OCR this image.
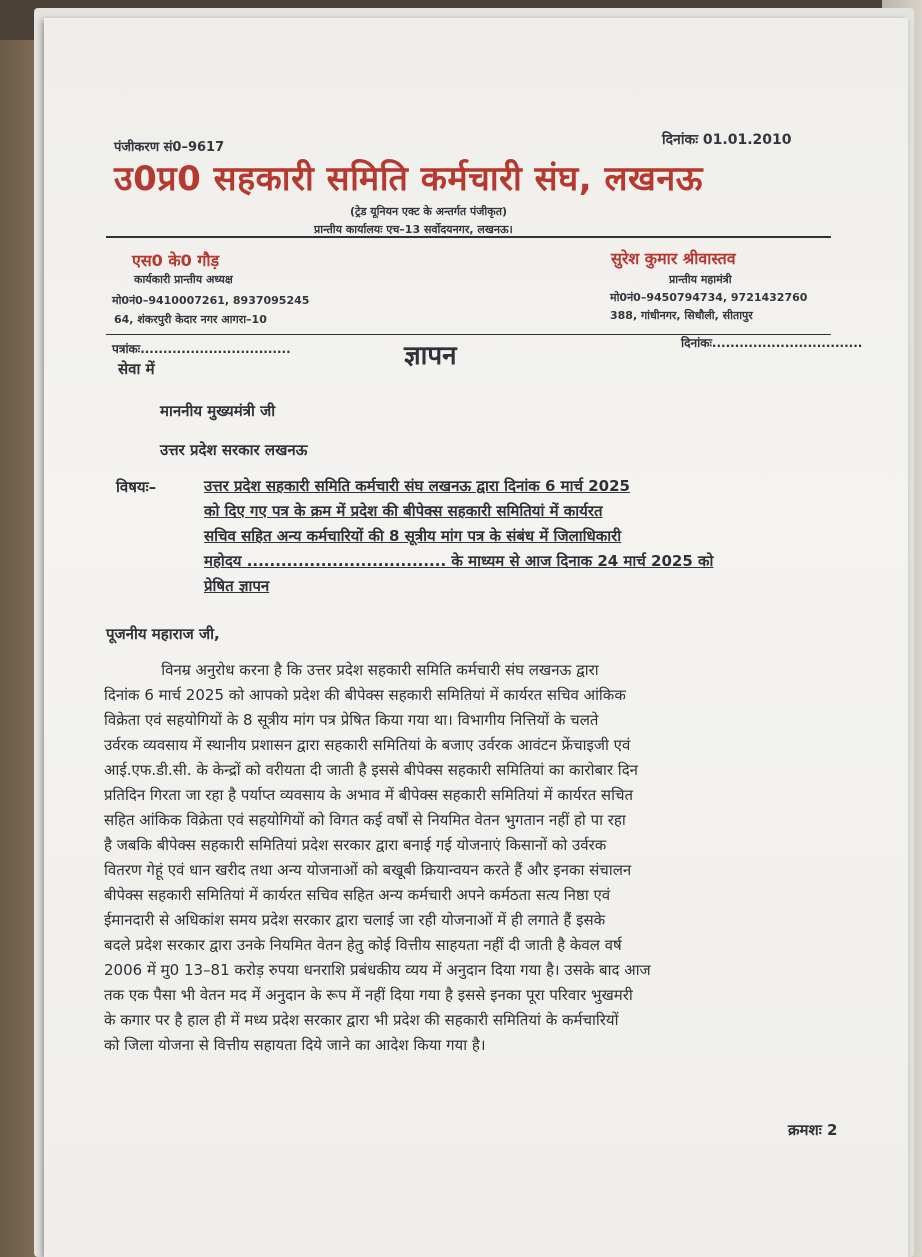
पंजीकरण सं0–9617	दिनांकः 01.01.2010
उ0प्र0 सहकारी समिति कर्मचारी संघ, लखनऊ
(ट्रेड यूनियन एक्ट के अन्तर्गत पंजीकृत)
प्रान्तीय कार्यालयः एच–13 सर्वोदयनगर, लखनऊ।
एस0 के0 गौड़
कार्यकारी प्रान्तीय अध्यक्ष
मो0नं0–9410007261, 8937095245
64, शंकरपुरी केदार नगर आगरा–10
सुरेश कुमार श्रीवास्तव
प्रान्तीय महामंत्री
मो0नं0–9450794734, 9721432760
388, गांधीनगर, सिधौली, सीतापुर
पत्रांकः.................................	ज्ञापन	दिनांकः.................................
सेवा में
माननीय मुख्यमंत्री जी
उत्तर प्रदेश सरकार लखनऊ
विषयः–	उत्तर प्रदेश सहकारी समिति कर्मचारी संघ लखनऊ द्वारा दिनांक 6 मार्च 2025
को दिए गए पत्र के क्रम में प्रदेश की बीपेक्स सहकारी समितियां में कार्यरत
सचिव सहित अन्य कर्मचारियों की 8 सूत्रीय मांग पत्र के संबंध में जिलाधिकारी
महोदय ................................... के माध्यम से आज दिनाक 24 मार्च 2025 को
प्रेषित ज्ञापन
पूजनीय महाराज जी,
विनम्र अनुरोध करना है कि उत्तर प्रदेश सहकारी समिति कर्मचारी संघ लखनऊ द्वारा
दिनांक 6 मार्च 2025 को आपको प्रदेश की बीपेक्स सहकारी समितियां में कार्यरत सचिव आंकिक
विक्रेता एवं सहयोगियों के 8 सूत्रीय मांग पत्र प्रेषित किया गया था। विभागीय नित्तियों के चलते
उर्वरक व्यवसाय में स्थानीय प्रशासन द्वारा सहकारी समितियां के बजाए उर्वरक आवंटन फ्रेंचाइजी एवं
आई.एफ.डी.सी. के केन्द्रों को वरीयता दी जाती है इससे बीपेक्स सहकारी समितियां का कारोबार दिन
प्रतिदिन गिरता जा रहा है पर्याप्त व्यवसाय के अभाव में बीपेक्स सहकारी समितियां में कार्यरत सचित
सहित आंकिक विक्रेता एवं सहयोगियों को विगत कई वर्षों से नियमित वेतन भुगतान नहीं हो पा रहा
है जबकि बीपेक्स सहकारी समितियां प्रदेश सरकार द्वारा बनाई गई योजनाएं किसानों को उर्वरक
वितरण गेहूं एवं धान खरीद तथा अन्य योजनाओं को बखूबी क्रियान्वयन करते हैं और इनका संचालन
बीपेक्स सहकारी समितियां में कार्यरत सचिव सहित अन्य कर्मचारी अपने कर्मठता सत्य निष्ठा एवं
ईमानदारी से अधिकांश समय प्रदेश सरकार द्वारा चलाई जा रही योजनाओं में ही लगाते हैं इसके
बदले प्रदेश सरकार द्वारा उनके नियमित वेतन हेतु कोई वित्तीय साहयता नहीं दी जाती है केवल वर्ष
2006 में मु0 13–81 करोड़ रुपया धनराशि प्रबंधकीय व्यय में अनुदान दिया गया है। उसके बाद आज
तक एक पैसा भी वेतन मद में अनुदान के रूप में नहीं दिया गया है इससे इनका पूरा परिवार भुखमरी
के कगार पर है हाल ही में मध्य प्रदेश सरकार द्वारा भी प्रदेश की सहकारी समितियां के कर्मचारियों
को जिला योजना से वित्तीय सहायता दिये जाने का आदेश किया गया है।
क्रमशः 2
